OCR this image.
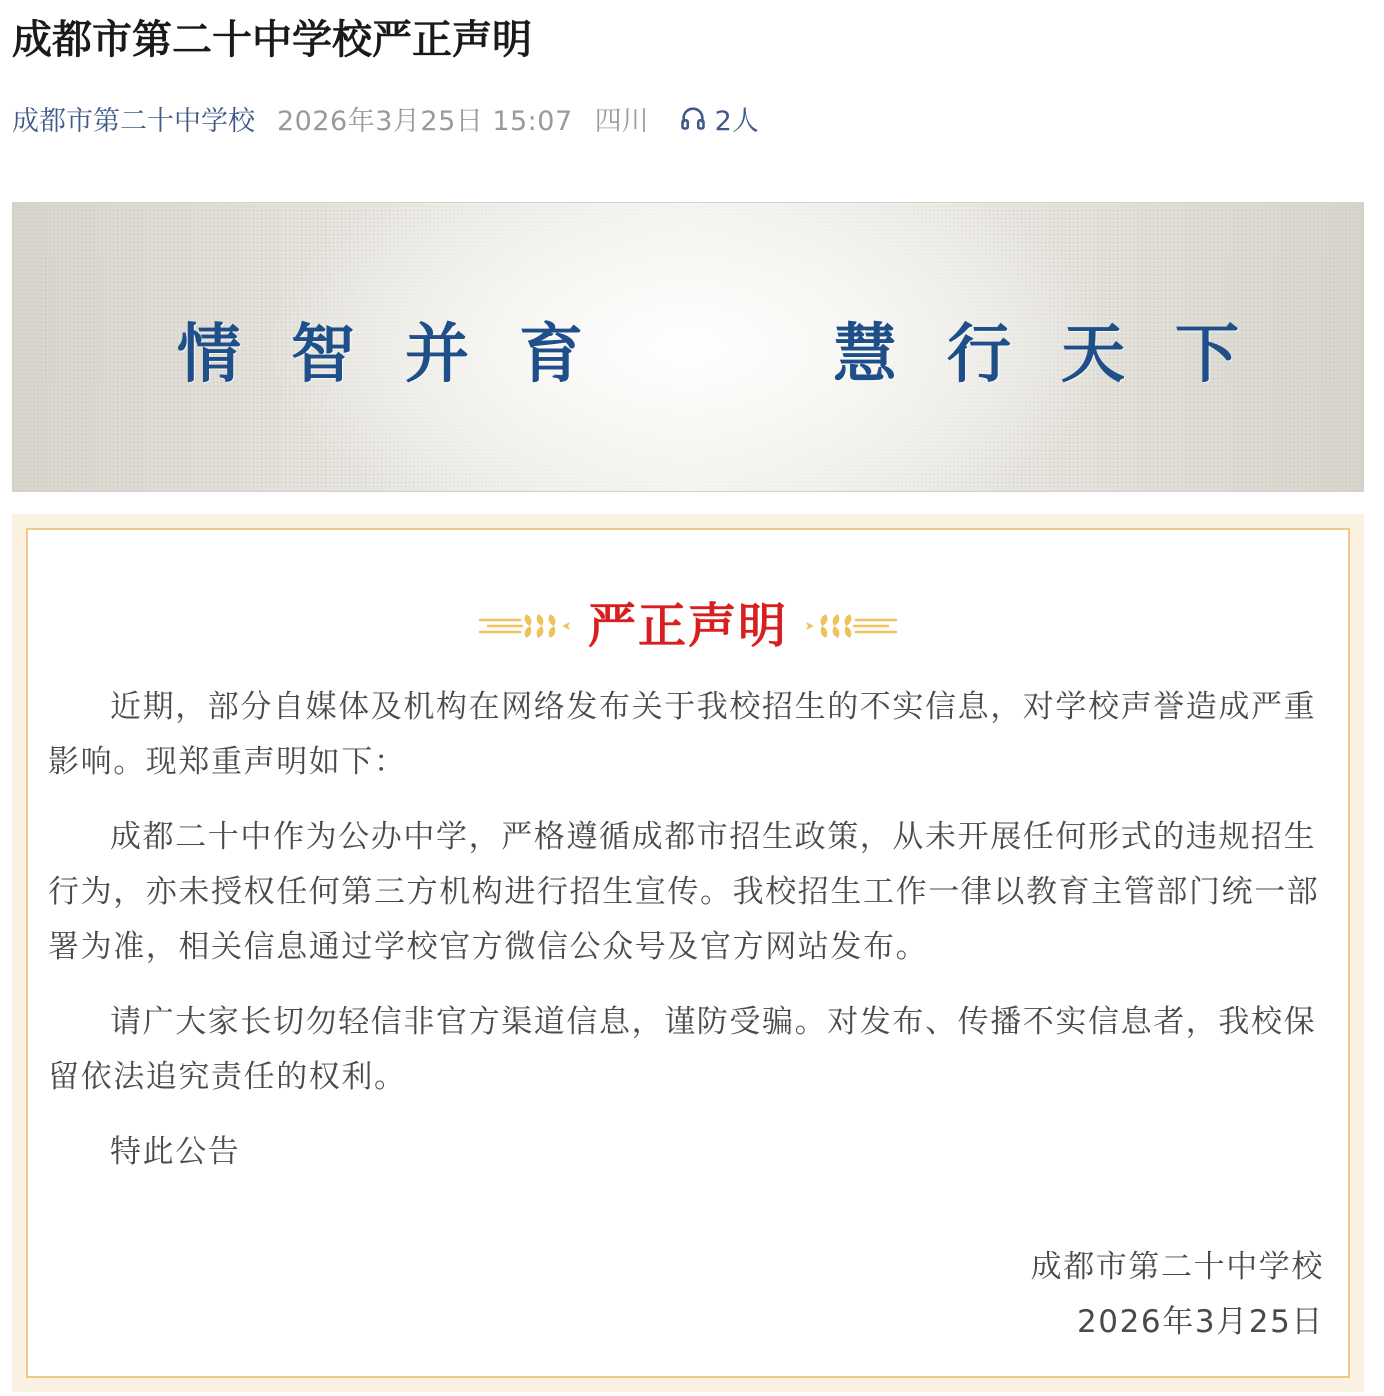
成都市第二十中学校严正声明
成都市第二十中学校 2026年3月25日 15:07 四川 2人
情 智 并 育	慧 行 天 下
严正声明

近期，部分自媒体及机构在网络发布关于我校招生的不实信息，对学校声誉造成严重影响。现郑重声明如下：

成都二十中作为公办中学，严格遵循成都市招生政策，从未开展任何形式的违规招生行为，亦未授权任何第三方机构进行招生宣传。我校招生工作一律以教育主管部门统一部署为准，相关信息通过学校官方微信公众号及官方网站发布。

请广大家长切勿轻信非官方渠道信息，谨防受骗。对发布、传播不实信息者，我校保留依法追究责任的权利。

特此公告

成都市第二十中学校
2026年3月25日
